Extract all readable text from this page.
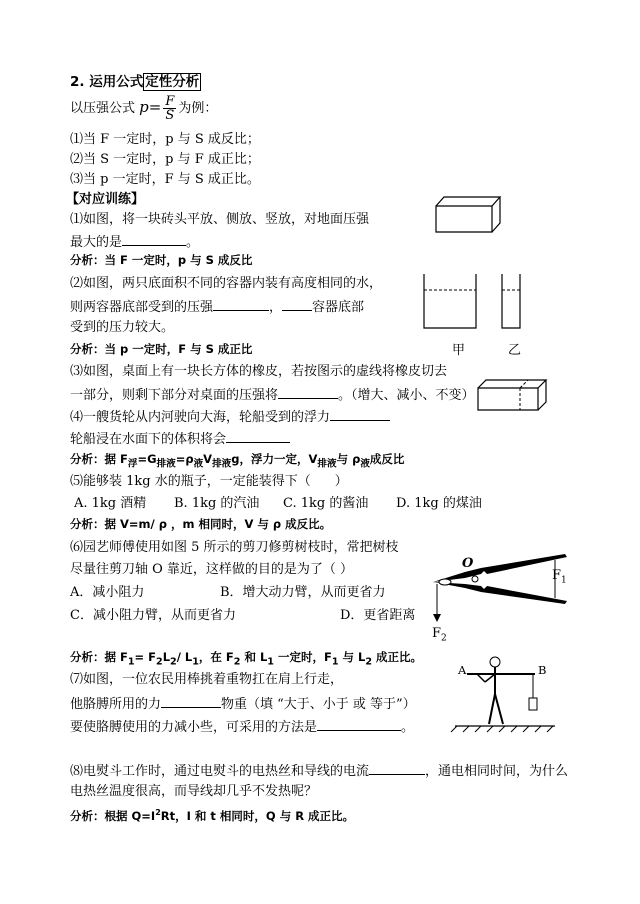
2. 运用公式 定性分析
以压强公式 $p= \frac{F}{S}$ 为例：
⑴当 F 一定时，p 与 S 成反比；
⑵当 S 一定时，p 与 F 成正比；
⑶当 p 一定时，F 与 S 成正比。
【对应训练】
⑴如图，将一块砖头平放、侧放、竖放，对地面压强
最大的是	。
分析：当 F 一定时，p 与 S 成反比
⑵如图，两只底面积不同的容器内装有高度相同的水，
则两容器底部受到的压强	， 容器底部
受到的压力较大。
甲	乙
分析：当 p 一定时，F 与 S 成正比
⑶如图，桌面上有一块长方体的橡皮，若按图示的虚线将橡皮切去
一部分，则剩下部分对桌面的压强将	。（增大、减小、不变）
⑷一艘货轮从内河驶向大海，轮船受到的浮力
轮船浸在水面下的体积将会
分析：据 $F_浮=G_{排液}=\rho_液V_{排液}g$，浮力一定，$V_{排液}$与 $\rho_液$成反比
⑸能够装 1kg 水的瓶子，一定能装得下（ ）
A. 1kg 酒精 B. 1kg 的汽油 C. 1kg 的酱油 D. 1kg 的煤油
分析：据 V=m/ ρ ，m 相同时，V 与 ρ 成反比。
⑹园艺师傅使用如图 5 所示的剪刀修剪树枝时，常把树枝
尽量往剪刀轴 O 靠近，这样做的目的是为了（ ）
A．减小阻力	B．增大动力臂，从而更省力
C．减小阻力臂，从而更省力	D．更省距离
O
$F_1$
$F_2$
分析：据 $F_1= F_2L_2/$ $L_1$，在 $F_2$ 和 $L_1$ 一定时，$F_1$ 与 $L_2$ 成正比。
⑺如图，一位农民用棒挑着重物扛在肩上行走，
他胳膊所用的力	物重（填 “大于、小于 或 等于”）
要使胳膊使用的力减小些，可采用的方法是	。
A	B
⑻电熨斗工作时，通过电熨斗的电热丝和导线的电流	，通电相同时间，为什么
电热丝温度很高，而导线却几乎不发热呢？
分析：根据 $Q=I^2Rt$，I 和 t 相同时，Q 与 R 成正比。
